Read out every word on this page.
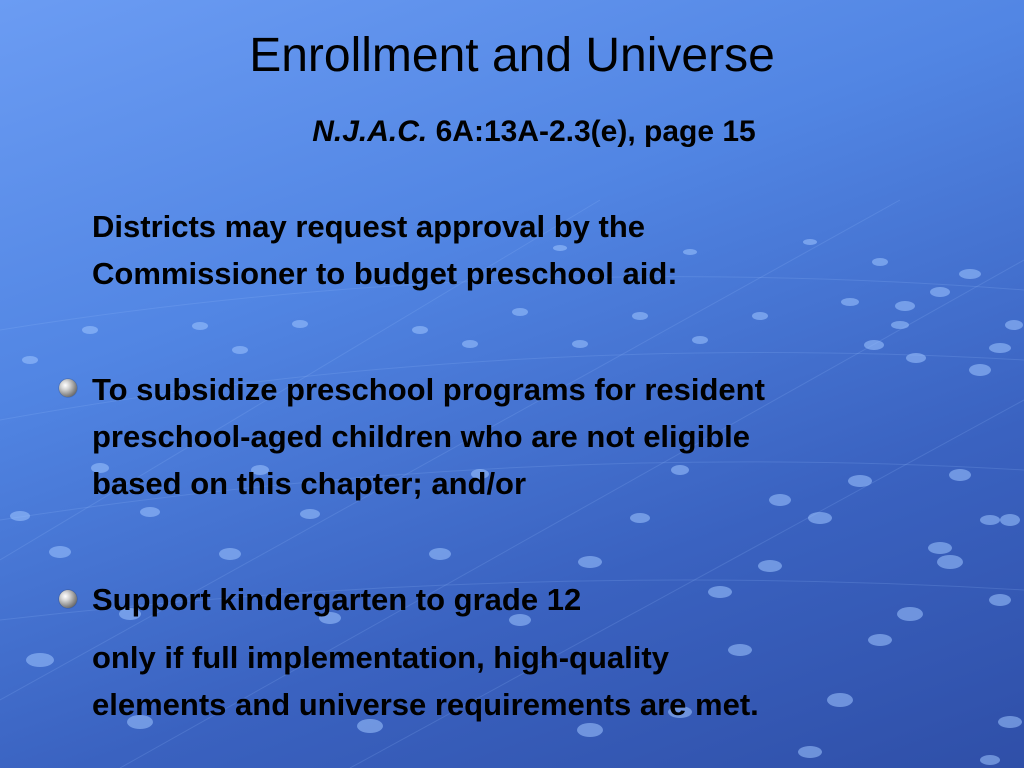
Enrollment and Universe

N.J.A.C. 6A:13A-2.3(e), page 15

Districts may request approval by the
Commissioner to budget preschool aid:
To subsidize preschool programs for resident
preschool-aged children who are not eligible
based on this chapter; and/or
Support kindergarten to grade 12
only if full implementation, high-quality
elements and universe requirements are met.
